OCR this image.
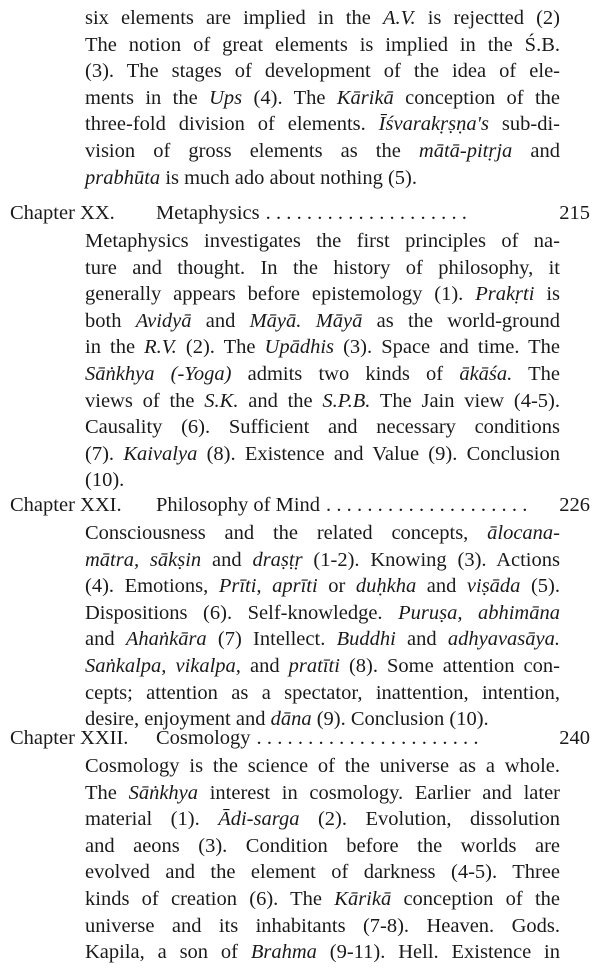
six elements are implied in the A.V. is rejectted (2)
The notion of great elements is implied in the Ś.B.
(3). The stages of development of the idea of ele-
ments in the Ups (4). The Kārikā conception of the
three-fold division of elements. Īśvarakṛṣṇa's sub-di-
vision of gross elements as the mātā-pitṛja and
prabhūta is much ado about nothing (5).
Chapter XX.	Metaphysics ....................	215
Metaphysics investigates the first principles of na-
ture and thought. In the history of philosophy, it
generally appears before epistemology (1). Prakṛti is
both Avidyā and Māyā. Māyā as the world-ground
in the R.V. (2). The Upādhis (3). Space and time. The
Sāṅkhya (-Yoga) admits two kinds of ākāśa. The
views of the S.K. and the S.P.B. The Jain view (4-5).
Causality (6). Sufficient and necessary conditions
(7). Kaivalya (8). Existence and Value (9). Conclusion
(10).
Chapter XXI.	Philosophy of Mind ....................	226
Consciousness and the related concepts, ālocana-
mātra, sākṣin and draṣṭṛ (1-2). Knowing (3). Actions
(4). Emotions, Prīti, aprīti or duḥkha and viṣāda (5).
Dispositions (6). Self-knowledge. Puruṣa, abhimāna
and Ahaṅkāra (7) Intellect. Buddhi and adhyavasāya.
Saṅkalpa, vikalpa, and pratīti (8). Some attention con-
cepts; attention as a spectator, inattention, intention,
desire, enjoyment and dāna (9). Conclusion (10).
Chapter XXII.	Cosmology ......................	240
Cosmology is the science of the universe as a whole.
The Sāṅkhya interest in cosmology. Earlier and later
material (1). Ādi-sarga (2). Evolution, dissolution
and aeons (3). Condition before the worlds are
evolved and the element of darkness (4-5). Three
kinds of creation (6). The Kārikā conception of the
universe and its inhabitants (7-8). Heaven. Gods.
Kapila, a son of Brahma (9-11). Hell. Existence in
